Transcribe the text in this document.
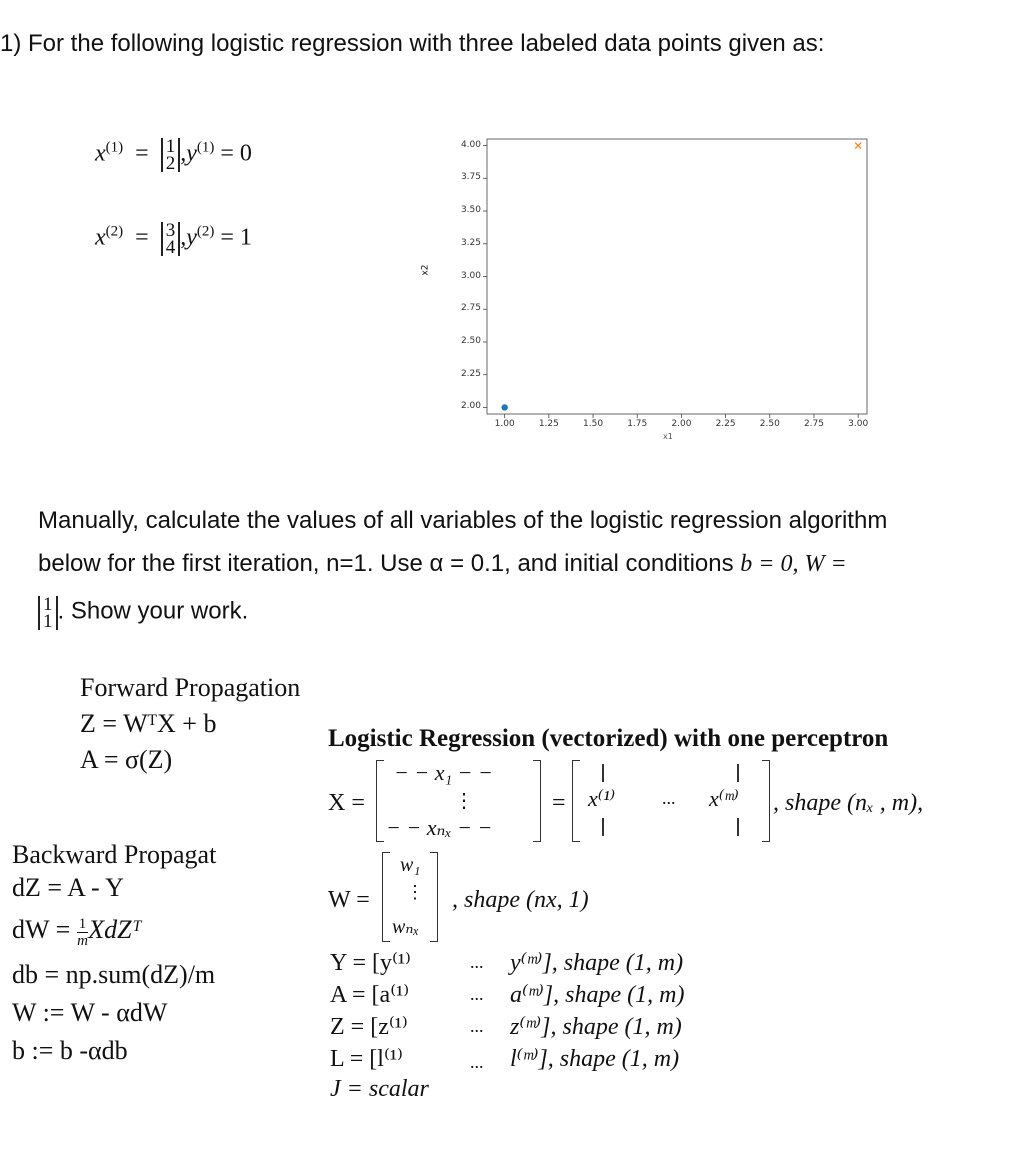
1) For the following logistic regression with three labeled data points given as:
$x^{(1)} = 1$
2 $,y^{(1)} = 0$
$x^{(2)} = 3$
4 $,y^{(2)} = 1$
x2
2.00
2.25
2.50
2.75
3.00
3.25
3.50
3.75
4.00
1.00	1.25	1.50	1.75	2.00	2.25	2.50	2.75	3.00
x1
Manually, calculate the values of all variables of the logistic regression algorithm
below for the first iteration, n=1. Use α = 0.1, and initial conditions b = 0, W =
1
1 . Show your work.
Forward Propagation
Z = WᵀX + b
A = σ(Z)
Backward Propagat
dZ = A - Y
dW = $\frac{1}{m}$ XdZᵀ
db = np.sum(dZ)/m
W := W - αdW
b := b -αdb
Logistic Regression (vectorized) with one perceptron
X =
− − x₁ − −
⋮
− − xₙₓ − −
= x⁽¹⁾	... x⁽ᵐ⁾ , shape (nₓ , m),
W =
w₁
⋮
wₙₓ
, shape (nx, 1)
Y = [y⁽¹⁾	... y⁽ᵐ⁾], shape (1, m)
A = [a⁽¹⁾	... a⁽ᵐ⁾], shape (1, m)
Z = [z⁽¹⁾	... z⁽ᵐ⁾], shape (1, m)
L = [l⁽¹⁾	... l⁽ᵐ⁾], shape (1, m)
J = scalar
